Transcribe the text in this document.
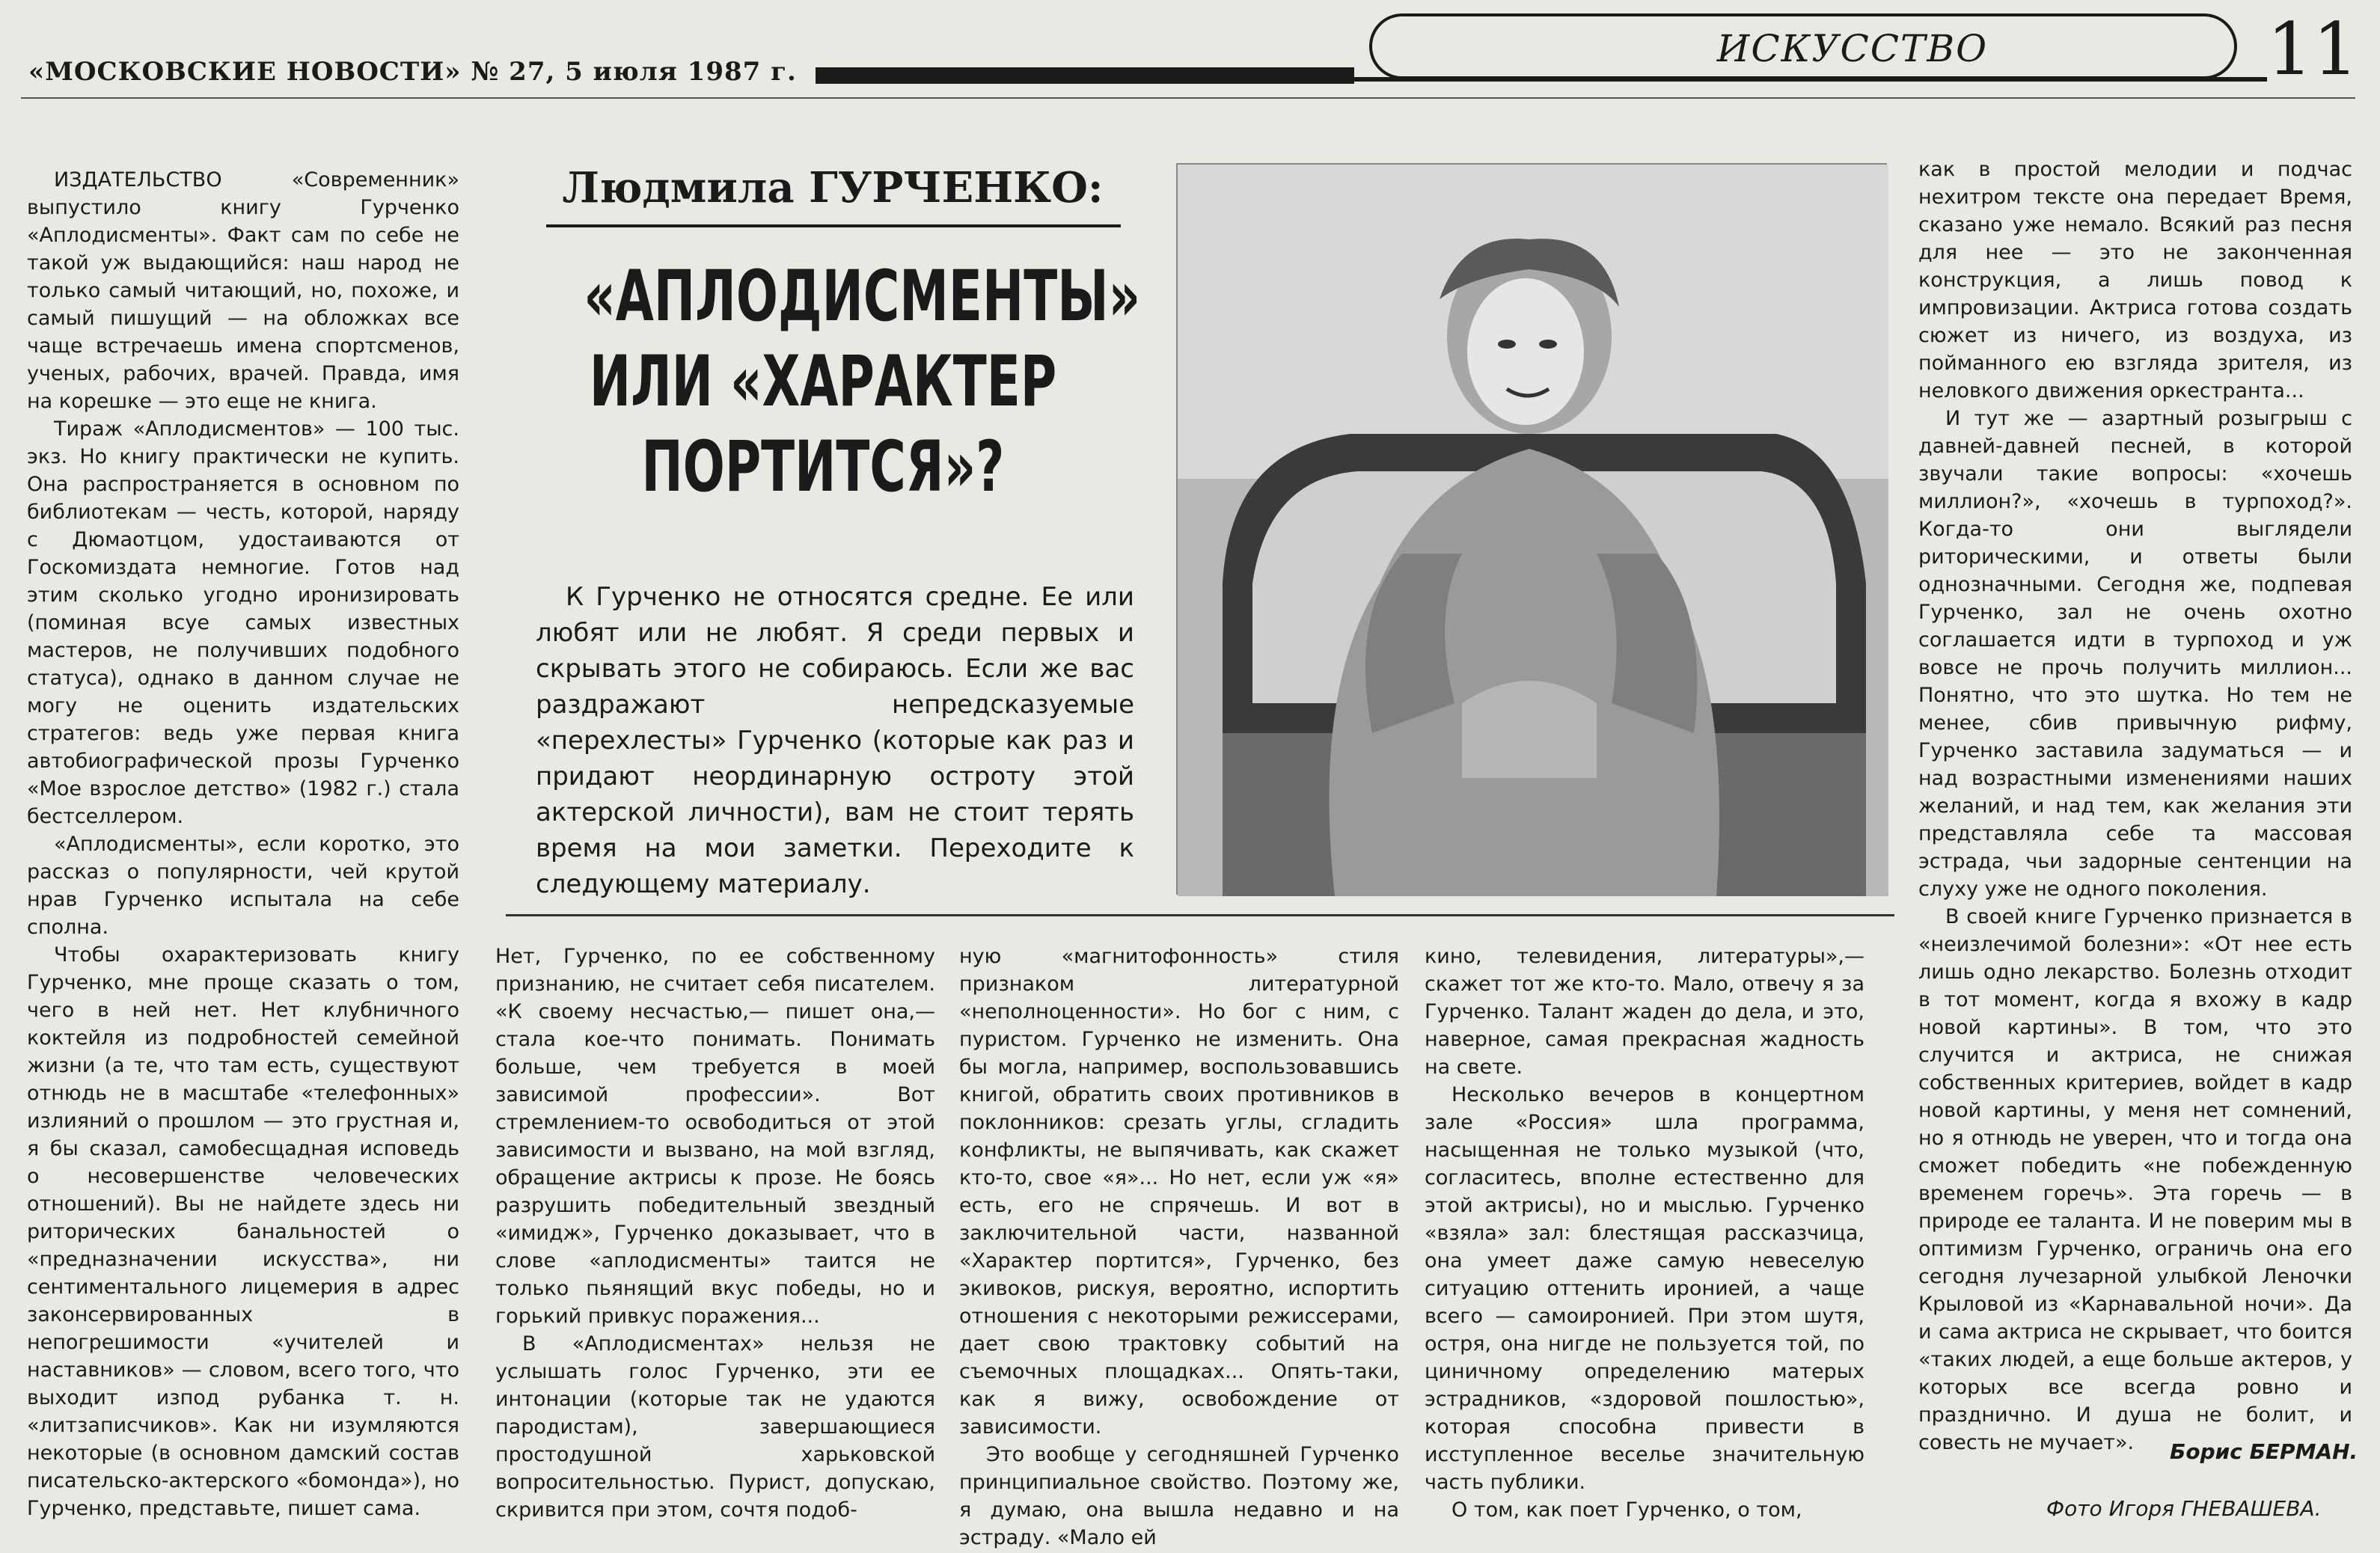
«МОСКОВСКИЕ НОВОСТИ» № 27, 5 июля 1987 г.
ИСКУССТВО	11

ИЗДАТЕЛЬСТВО «Современник» выпустило книгу Гурченко «Аплодисменты». Факт сам по себе не такой уж выдающийся: наш народ не только самый читающий, но, похоже, и самый пишущий — на обложках все чаще встречаешь имена спортсменов, ученых, рабочих, врачей. Правда, имя на корешке — это еще не книга.

Тираж «Аплодисментов» — 100 тыс. экз. Но книгу практически не купить. Она распространяется в основном по библиотекам — честь, которой, наряду с Дюмаотцом, удостаиваются от Госкомиздата немногие. Готов над этим сколько угодно иронизировать (поминая всуе самых известных мастеров, не получивших подобного статуса), однако в данном случае не могу не оценить издательских стратегов: ведь уже первая книга автобиографической прозы Гурченко «Мое взрослое детство» (1982 г.) стала бестселлером.

«Аплодисменты», если коротко, это рассказ о популярности, чей крутой нрав Гурченко испытала на себе сполна.

Чтобы охарактеризовать книгу Гурченко, мне проще сказать о том, чего в ней нет. Нет клубничного коктейля из подробностей семейной жизни (а те, что там есть, существуют отнюдь не в масштабе «телефонных» излияний о прошлом — это грустная и, я бы сказал, самобесщадная исповедь о несовершенстве человеческих отношений). Вы не найдете здесь ни риторических банальностей о «предназначении искусства», ни сентиментального лицемерия в адрес законсервированных в непогрешимости «учителей и наставников» — словом, всего того, что выходит изпод рубанка т. н. «литзаписчиков». Как ни изумляются некоторые (в основном дамский состав писательско-актерского «бомонда»), но Гурченко, представьте, пишет сама.

Людмила ГУРЧЕНКО:
«АПЛОДИСМЕНТЫ»
ИЛИ «ХАРАКТЕР
ПОРТИТСЯ»?

К Гурченко не относятся средне. Ее или любят или не любят. Я среди первых и скрывать этого не собираюсь. Если же вас раздражают непредсказуемые «перехлесты» Гурченко (которые как раз и придают неординарную остроту этой актерской личности), вам не стоит терять время на мои заметки. Переходите к следующему материалу.

Нет, Гурченко, по ее собственному признанию, не считает себя писателем. «К своему несчастью,— пишет она,— стала кое-что понимать. Понимать больше, чем требуется в моей зависимой профессии». Вот стремлением-то освободиться от этой зависимости и вызвано, на мой взгляд, обращение актрисы к прозе. Не боясь разрушить победительный звездный «имидж», Гурченко доказывает, что в слове «аплодисменты» таится не только пьянящий вкус победы, но и горький привкус поражения...

В «Аплодисментах» нельзя не услышать голос Гурченко, эти ее интонации (которые так не удаются пародистам), завершающиеся простодушной харьковской вопросительностью. Пурист, допускаю, скривится при этом, сочтя подоб-

ную «магнитофонность» стиля признаком литературной «неполноценности». Но бог с ним, с пуристом. Гурченко не изменить. Она бы могла, например, воспользовавшись книгой, обратить своих противников в поклонников: срезать углы, сгладить конфликты, не выпячивать, как скажет кто-то, свое «я»... Но нет, если уж «я» есть, его не спрячешь. И вот в заключительной части, названной «Характер портится», Гурченко, без экивоков, рискуя, вероятно, испортить отношения с некоторыми режиссерами, дает свою трактовку событий на съемочных площадках... Опять-таки, как я вижу, освобождение от зависимости.

Это вообще у сегодняшней Гурченко принципиальное свойство. Поэтому же, я думаю, она вышла недавно и на эстраду. «Мало ей

кино, телевидения, литературы»,— скажет тот же кто-то. Мало, отвечу я за Гурченко. Талант жаден до дела, и это, наверное, самая прекрасная жадность на свете.

Несколько вечеров в концертном зале «Россия» шла программа, насыщенная не только музыкой (что, согласитесь, вполне естественно для этой актрисы), но и мыслью. Гурченко «взяла» зал: блестящая рассказчица, она умеет даже самую невеселую ситуацию оттенить иронией, а чаще всего — самоиронией. При этом шутя, остря, она нигде не пользуется той, по циничному определению матерых эстрадников, «здоровой пошлостью», которая способна привести в исступленное веселье значительную часть публики.

О том, как поет Гурченко, о том,

как в простой мелодии и подчас нехитром тексте она передает Время, сказано уже немало. Всякий раз песня для нее — это не законченная конструкция, а лишь повод к импровизации. Актриса готова создать сюжет из ничего, из воздуха, из пойманного ею взгляда зрителя, из неловкого движения оркестранта...

И тут же — азартный розыгрыш с давней-давней песней, в которой звучали такие вопросы: «хочешь миллион?», «хочешь в турпоход?». Когда-то они выглядели риторическими, и ответы были однозначными. Сегодня же, подпевая Гурченко, зал не очень охотно соглашается идти в турпоход и уж вовсе не прочь получить миллион... Понятно, что это шутка. Но тем не менее, сбив привычную рифму, Гурченко заставила задуматься — и над возрастными изменениями наших желаний, и над тем, как желания эти представляла себе та массовая эстрада, чьи задорные сентенции на слуху уже не одного поколения.

В своей книге Гурченко признается в «неизлечимой болезни»: «От нее есть лишь одно лекарство. Болезнь отходит в тот момент, когда я вхожу в кадр новой картины». В том, что это случится и актриса, не снижая собственных критериев, войдет в кадр новой картины, у меня нет сомнений, но я отнюдь не уверен, что и тогда она сможет победить «не побежденную временем горечь». Эта горечь — в природе ее таланта. И не поверим мы в оптимизм Гурченко, ограничь она его сегодня лучезарной улыбкой Леночки Крыловой из «Карнавальной ночи». Да и сама актриса не скрывает, что боится «таких людей, а еще больше актеров, у которых все всегда ровно и празднично. И душа не болит, и совесть не мучает».	Борис БЕРМАН.
Фото Игоря ГНЕВАШЕВА.
